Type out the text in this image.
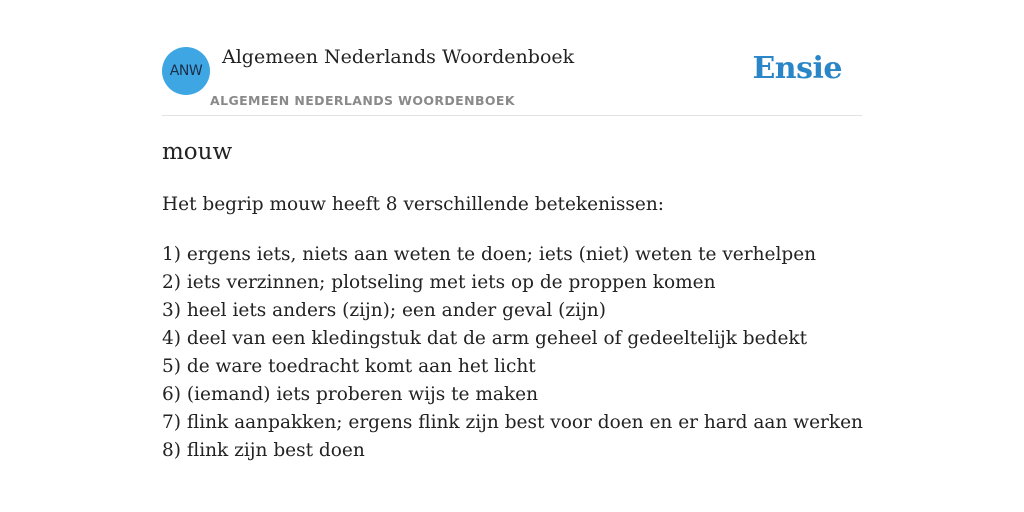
ANW
Algemeen Nederlands Woordenboek
ALGEMEEN NEDERLANDS WOORDENBOEK
Ensie
mouw

Het begrip mouw heeft 8 verschillende betekenissen:

1) ergens iets, niets aan weten te doen; iets (niet) weten te verhelpen
2) iets verzinnen; plotseling met iets op de proppen komen
3) heel iets anders (zijn); een ander geval (zijn)
4) deel van een kledingstuk dat de arm geheel of gedeeltelijk bedekt
5) de ware toedracht komt aan het licht
6) (iemand) iets proberen wijs te maken
7) flink aanpakken; ergens flink zijn best voor doen en er hard aan werken
8) flink zijn best doen
